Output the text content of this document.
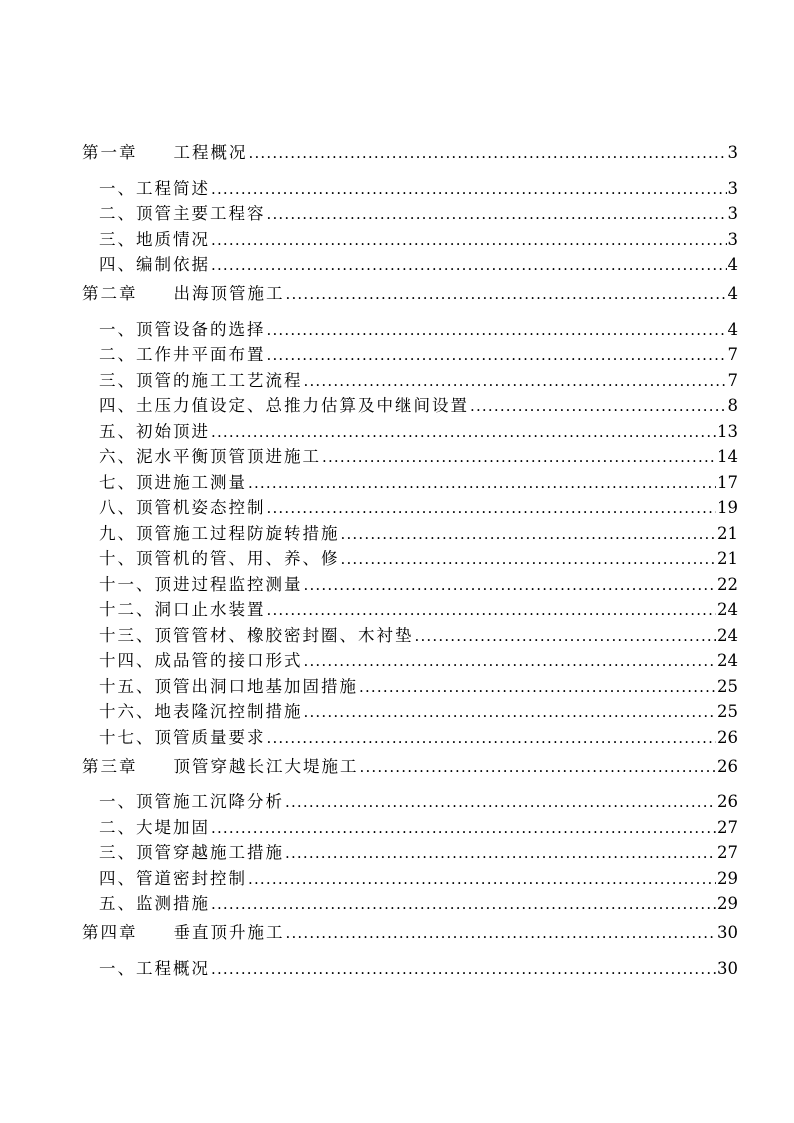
第一章 工程概况 .....	3
一、工程简述 .....	3
二、顶管主要工程容 .....	3
三、地质情况 .....	3
四、编制依据 .....	4
第二章 出海顶管施工 .....	4
一、顶管设备的选择 .....	4
二、工作井平面布置 .....	7
三、顶管的施工工艺流程 .....	7
四、土压力值设定、总推力估算及中继间设置 .....	8
五、初始顶进 .....	13
六、泥水平衡顶管顶进施工 .....	14
七、顶进施工测量 .....	17
八、顶管机姿态控制 .....	19
九、顶管施工过程防旋转措施 .....	21
十、顶管机的管、用、养、修 .....	21
十一、顶进过程监控测量 .....	22
十二、洞口止水装置 .....	24
十三、顶管管材、橡胶密封圈、木衬垫 .....	24
十四、成品管的接口形式 .....	24
十五、顶管出洞口地基加固措施 .....	25
十六、地表隆沉控制措施 .....	25
十七、顶管质量要求 .....	26
第三章 顶管穿越长江大堤施工 .....	26
一、顶管施工沉降分析 .....	26
二、大堤加固 .....	27
三、顶管穿越施工措施 .....	27
四、管道密封控制 .....	29
五、监测措施 .....	29
第四章 垂直顶升施工 .....	30
一、工程概况 .....	30
